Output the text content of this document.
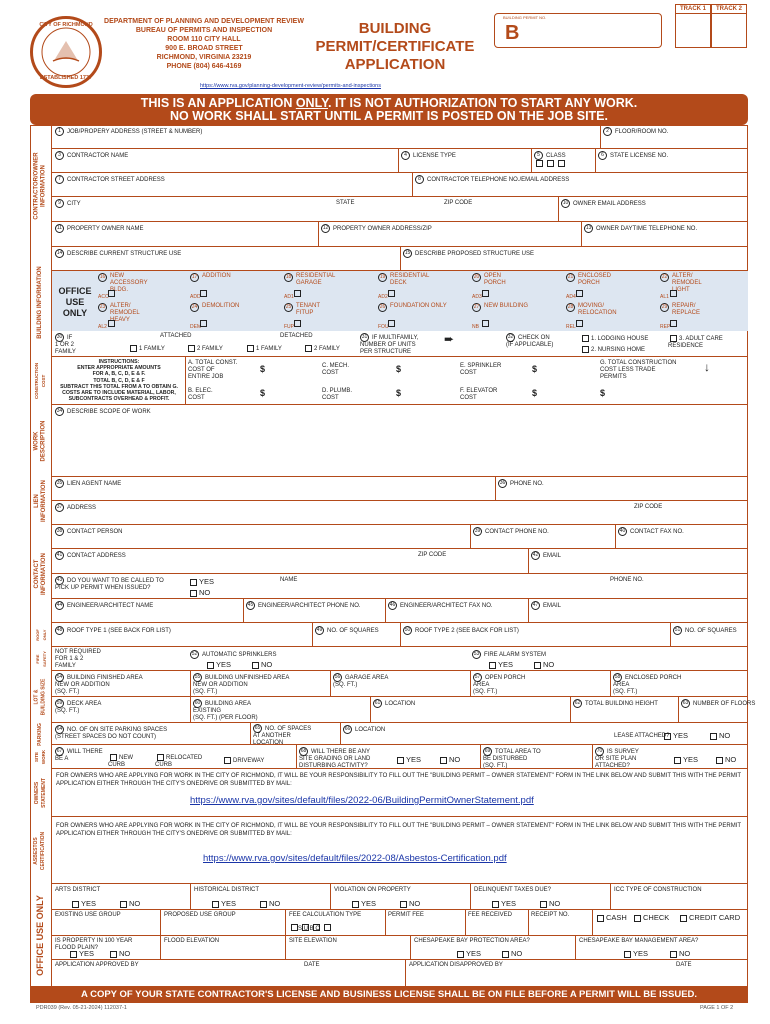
CITY OF RICHMOND
ESTABLISHED 1737
DEPARTMENT OF PLANNING AND DEVELOPMENT REVIEW
BUREAU OF PERMITS AND INSPECTION
ROOM 110 CITY HALL
900 E. BROAD STREET
RICHMOND, VIRGINIA 23219
PHONE (804) 646-4169
BUILDING
PERMIT/CERTIFICATE
APPLICATION
BUILDING PERMIT NO.
B
TRACK 1	TRACK 2
https://www.rva.gov/planning-development-review/permits-and-inspections
THIS IS AN APPLICATION ONLY. IT IS NOT AUTHORIZATION TO START ANY WORK.
NO WORK SHALL START UNTIL A PERMIT IS POSTED ON THE JOB SITE.
CONTRACTOR/OWNER
INFORMATION
BUILDING INFORMATION
CONSTRUCTION
COST
WORK
DESCRIPTION
LIEN
INFORMATION
CONTACT
INFORMATION
ROOF
ONLY
FIRE
SAFETY
LOT &
BUILDING SIZE
PARKING
SITE
WORK
OWNERS
STATEMENT
ASBESTOS
CERTIFICATION
OFFICE USE ONLY
1 JOB/PROPERY ADDRESS (STREET & NUMBER)	2 FLOOR/ROOM NO.
3 CONTRACTOR NAME	4 LICENSE TYPE	5 CLASS	6 STATE LICENSE NO.
7 CONTRACTOR STREET ADDRESS	8 CONTRACTOR TELEPHONE NO./EMAIL ADDRESS
9 CITY	STATE	ZIP CODE	10 OWNER EMAIL ADDRESS
11 PROPERTY OWNER NAME	12 PROPERTY OWNER ADDRESS/ZIP	13 OWNER DAYTIME TELEPHONE NO.
14 DESCRIBE CURRENT STRUCTURE USE	15 DESCRIBE PROPOSED STRUCTURE USE
OFFICE
USE
ONLY
16 NEW
ACCESSORY
BLDG.
ACC
17 ADDITION
ADD
18 RESIDENTIAL
GARAGE
AD1
19 RESIDENTIAL
DECK
AD2
20 OPEN
PORCH
AD3
21 ENCLOSED
PORCH
AD4
22 ALTER/
REMODEL
LIGHT
AL1
23 ALTER/
REMODEL
HEAVY
AL2
24 DEMOLITION
DEM
25 TENANT
FITUP
FUP
26 FOUNDATION ONLY
FOU
27 NEW BUILDING
NB
28 MOVING/
RELOCATION
REL
29 REPAIR/
REPLACE
REP
30 IF
1 OR 2
FAMILY
ATTACHED	DETACHED
1 FAMILY	2 FAMILY	1 FAMILY	2 FAMILY
31 IF MULTIFAMILY,
NUMBER OF UNITS
PER STRUCTURE
➨	32 CHECK ON
(IF APPLICABLE)
1. LODGING HOUSE
2. NURSING HOME
3. ADULT CARE
RESIDENCE
INSTRUCTIONS:
ENTER APPROPRIATE AMOUNTS
FOR A, B, C, D, E & F.
TOTAL B, C, D, E & F
SUBTRACT THIS TOTAL FROM A TO OBTAIN G.
COSTS ARE TO INCLUDE MATERIAL, LABOR,
SUBCONTRACTS OVERHEAD & PROFIT.
A. TOTAL CONST.
COST OF
ENTIRE JOB
$
B. ELEC.
COST	$
C. MECH.
COST	$
D. PLUMB.
COST	$
E. SPRINKLER
COST	$
F. ELEVATOR
COST	$
G. TOTAL CONSTRUCTION
COST LESS TRADE
PERMITS
↓
$
34 DESCRIBE SCOPE OF WORK
35 LIEN AGENT NAME	36 PHONE NO.
37 ADDRESS	ZIP CODE
38 CONTACT PERSON	39 CONTACT PHONE NO.	40 CONTACT FAX NO.
41 CONTACT ADDRESS	ZIP CODE	42 EMAIL
43 DO YOU WANT TO BE CALLED TO
PICK UP PERMIT WHEN ISSUED?
YES
NO
NAME	PHONE NO.
44 ENGINEER/ARCHITECT NAME	45 ENGINEER/ARCHITECT PHONE NO.	46 ENGINEER/ARCHITECT FAX NO.	47 EMAIL
48 ROOF TYPE 1 (SEE BACK FOR LIST)	49 NO. OF SQUARES	50 ROOF TYPE 2 (SEE BACK FOR LIST)	51 NO. OF SQUARES
NOT REQUIRED
FOR 1 & 2
FAMILY
52 AUTOMATIC SPRINKLERS
YES	NO
53 FIRE ALARM SYSTEM
YES	NO
54 BUILDING FINISHED AREA
NEW OR ADDITION
(SQ. FT.)
55 BUILDING UNFINISHED AREA
NEW OR ADDITION
(SQ. FT.)
56 GARAGE AREA
(SQ. FT.)
57 OPEN PORCH
AREA
(SQ. FT.)
58 ENCLOSED PORCH
AREA
(SQ. FT.)
59 DECK AREA
(SQ. FT.)
60 BUILDING AREA
EXISTING
(SQ. FT.) (PER FLOOR)
61 LOCATION	62 TOTAL BUILDING HEIGHT	63 NUMBER OF FLOORS
64 NO. OF ON SITE PARKING SPACES
(STREET SPACES DO NOT COUNT)
65 NO. OF SPACES
AT ANOTHER
LOCATION
66 LOCATION
LEASE ATTACHED? YES	NO
67 WILL THERE
BE A	NEW
CURB
RELOCATED
CURB
DRIVEWAY
68 WILL THERE BE ANY
SITE GRADING OR LAND
DISTURBING ACTIVITY?
YES	NO
69 TOTAL AREA TO
BE DISTURBED
(SQ. FT.)
70 IS SURVEY
OR SITE PLAN
ATTACHED?
YES	NO
FOR OWNERS WHO ARE APPLYING FOR WORK IN THE CITY OF RICHMOND, IT WILL BE YOUR RESPONSIBILITY TO FILL OUT THE "BUILDING PERMIT – OWNER STATEMENT" FORM IN THE LINK BELOW AND SUBMIT THIS WITH THE PERMIT APPLICATION EITHER THROUGH THE CITY'S ONEDRIVE OR SUBMITTED BY MAIL:
https://www.rva.gov/sites/default/files/2022-06/BuildingPermitOwnerStatement.pdf
FOR OWNERS WHO ARE APPLYING FOR WORK IN THE CITY OF RICHMOND, IT WILL BE YOUR RESPONSIBILITY TO FILL OUT THE "BUILDING PERMIT – OWNER STATEMENT" FORM IN THE LINK BELOW AND SUBMIT THIS WITH THE PERMIT APPLICATION EITHER THROUGH THE CITY'S ONEDRIVE OR SUBMITTED BY MAIL:
https://www.rva.gov/sites/default/files/2022-08/Asbestos-Certification.pdf
ARTS DISTRICT
YES	NO
HISTORICAL DISTRICT
YES	NO
VIOLATION ON PROPERTY
YES	NO
DELINQUENT TAXES DUE?
YES	NO
ICC TYPE OF CONSTRUCTION
EXISTING USE GROUP	PROPOSED USE GROUP	FEE CALCULATION TYPE
S U B C
PERMIT FEE	FEE RECEIVED	RECEIPT NO.	CASH	CHECK	CREDIT CARD
IS PROPERTY IN 100 YEAR
FLOOD PLAIN?
YES	NO
FLOOD ELEVATION	SITE ELEVATION	CHESAPEAKE BAY PROTECTION AREA?
YES	NO
CHESAPEAKE BAY MANAGEMENT AREA?
YES	NO
APPLICATION APPROVED BY	DATE	APPLICATION DISAPPROVED BY	DATE
A COPY OF YOUR STATE CONTRACTOR'S LICENSE AND BUSINESS LICENSE SHALL BE ON FILE BEFORE A PERMIT WILL BE ISSUED.
PDR039 (Rev. 05-21-2024) 112037-1	PAGE 1 OF 2
